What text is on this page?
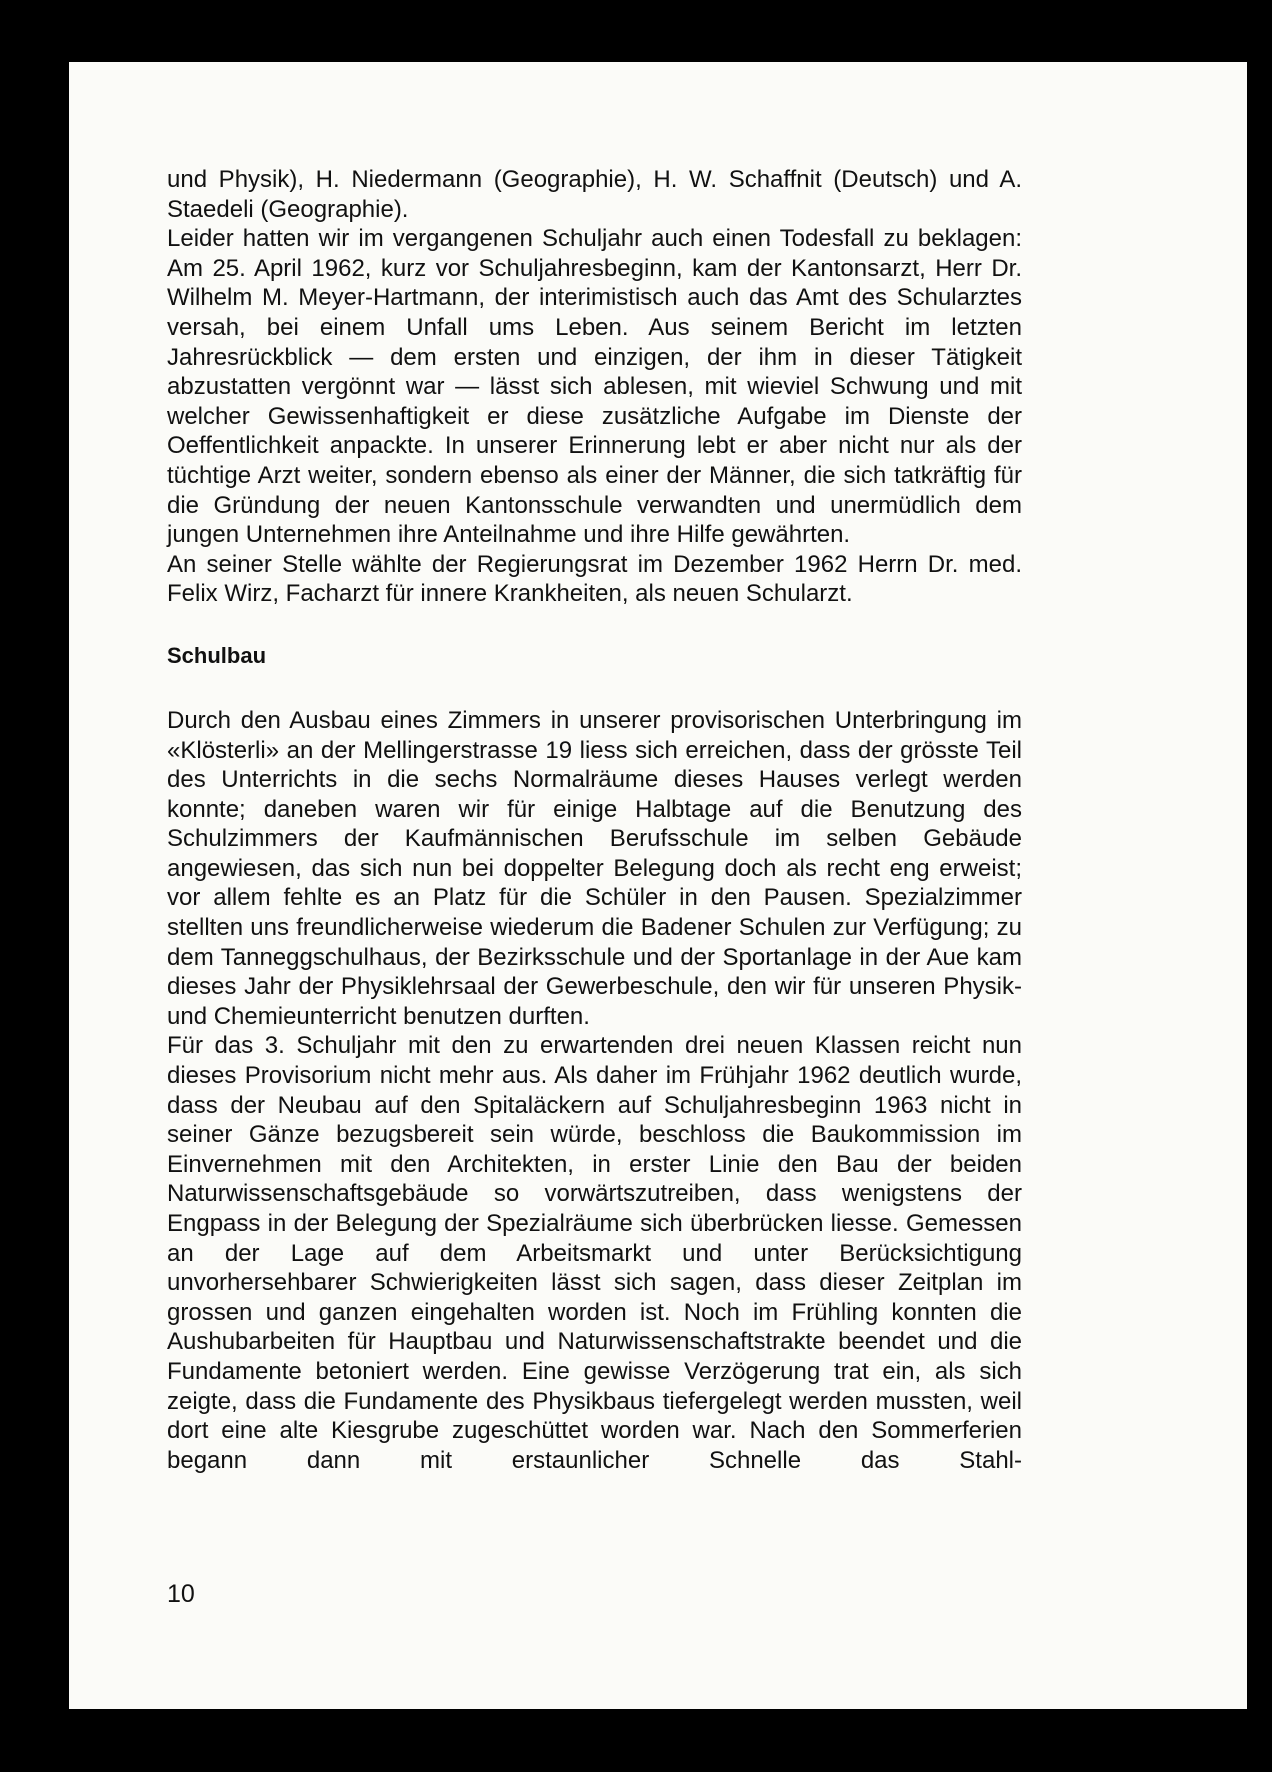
und Physik), H. Niedermann (Geographie), H. W. Schaffnit (Deutsch) und A. Staedeli (Geographie).

Leider hatten wir im vergangenen Schuljahr auch einen Todesfall zu beklagen: Am 25. April 1962, kurz vor Schuljahresbeginn, kam der Kantonsarzt, Herr Dr. Wilhelm M. Meyer-Hartmann, der interimistisch auch das Amt des Schularztes versah, bei einem Unfall ums Leben. Aus seinem Bericht im letzten Jahresrückblick — dem ersten und einzigen, der ihm in dieser Tätigkeit abzustatten vergönnt war — lässt sich ablesen, mit wieviel Schwung und mit welcher Gewissenhaftigkeit er diese zusätzliche Aufgabe im Dienste der Oeffentlichkeit anpackte. In unserer Erinnerung lebt er aber nicht nur als der tüchtige Arzt weiter, sondern ebenso als einer der Männer, die sich tatkräftig für die Gründung der neuen Kantonsschule verwandten und unermüdlich dem jungen Unternehmen ihre Anteilnahme und ihre Hilfe gewährten.

An seiner Stelle wählte der Regierungsrat im Dezember 1962 Herrn Dr. med. Felix Wirz, Facharzt für innere Krankheiten, als neuen Schularzt.

Schulbau

Durch den Ausbau eines Zimmers in unserer provisorischen Unterbringung im «Klösterli» an der Mellingerstrasse 19 liess sich erreichen, dass der grösste Teil des Unterrichts in die sechs Normalräume dieses Hauses verlegt werden konnte; daneben waren wir für einige Halbtage auf die Benutzung des Schulzimmers der Kaufmännischen Berufsschule im selben Gebäude angewiesen, das sich nun bei doppelter Belegung doch als recht eng erweist; vor allem fehlte es an Platz für die Schüler in den Pausen. Spezialzimmer stellten uns freundlicherweise wiederum die Badener Schulen zur Verfügung; zu dem Tanneggschulhaus, der Bezirksschule und der Sportanlage in der Aue kam dieses Jahr der Physiklehrsaal der Gewerbeschule, den wir für unseren Physik- und Chemieunterricht benutzen durften.

Für das 3. Schuljahr mit den zu erwartenden drei neuen Klassen reicht nun dieses Provisorium nicht mehr aus. Als daher im Frühjahr 1962 deutlich wurde, dass der Neubau auf den Spitaläckern auf Schuljahresbeginn 1963 nicht in seiner Gänze bezugsbereit sein würde, beschloss die Baukommission im Einvernehmen mit den Architekten, in erster Linie den Bau der beiden Naturwissenschaftsgebäude so vorwärtszutreiben, dass wenigstens der Engpass in der Belegung der Spezialräume sich überbrücken liesse. Gemessen an der Lage auf dem Arbeitsmarkt und unter Berücksichtigung unvorhersehbarer Schwierigkeiten lässt sich sagen, dass dieser Zeitplan im grossen und ganzen eingehalten worden ist. Noch im Frühling konnten die Aushubarbeiten für Hauptbau und Naturwissenschaftstrakte beendet und die Fundamente betoniert werden. Eine gewisse Verzögerung trat ein, als sich zeigte, dass die Fundamente des Physikbaus tiefergelegt werden mussten, weil dort eine alte Kiesgrube zugeschüttet worden war. Nach den Sommerferien begann dann mit erstaunlicher Schnelle das Stahl-

10
